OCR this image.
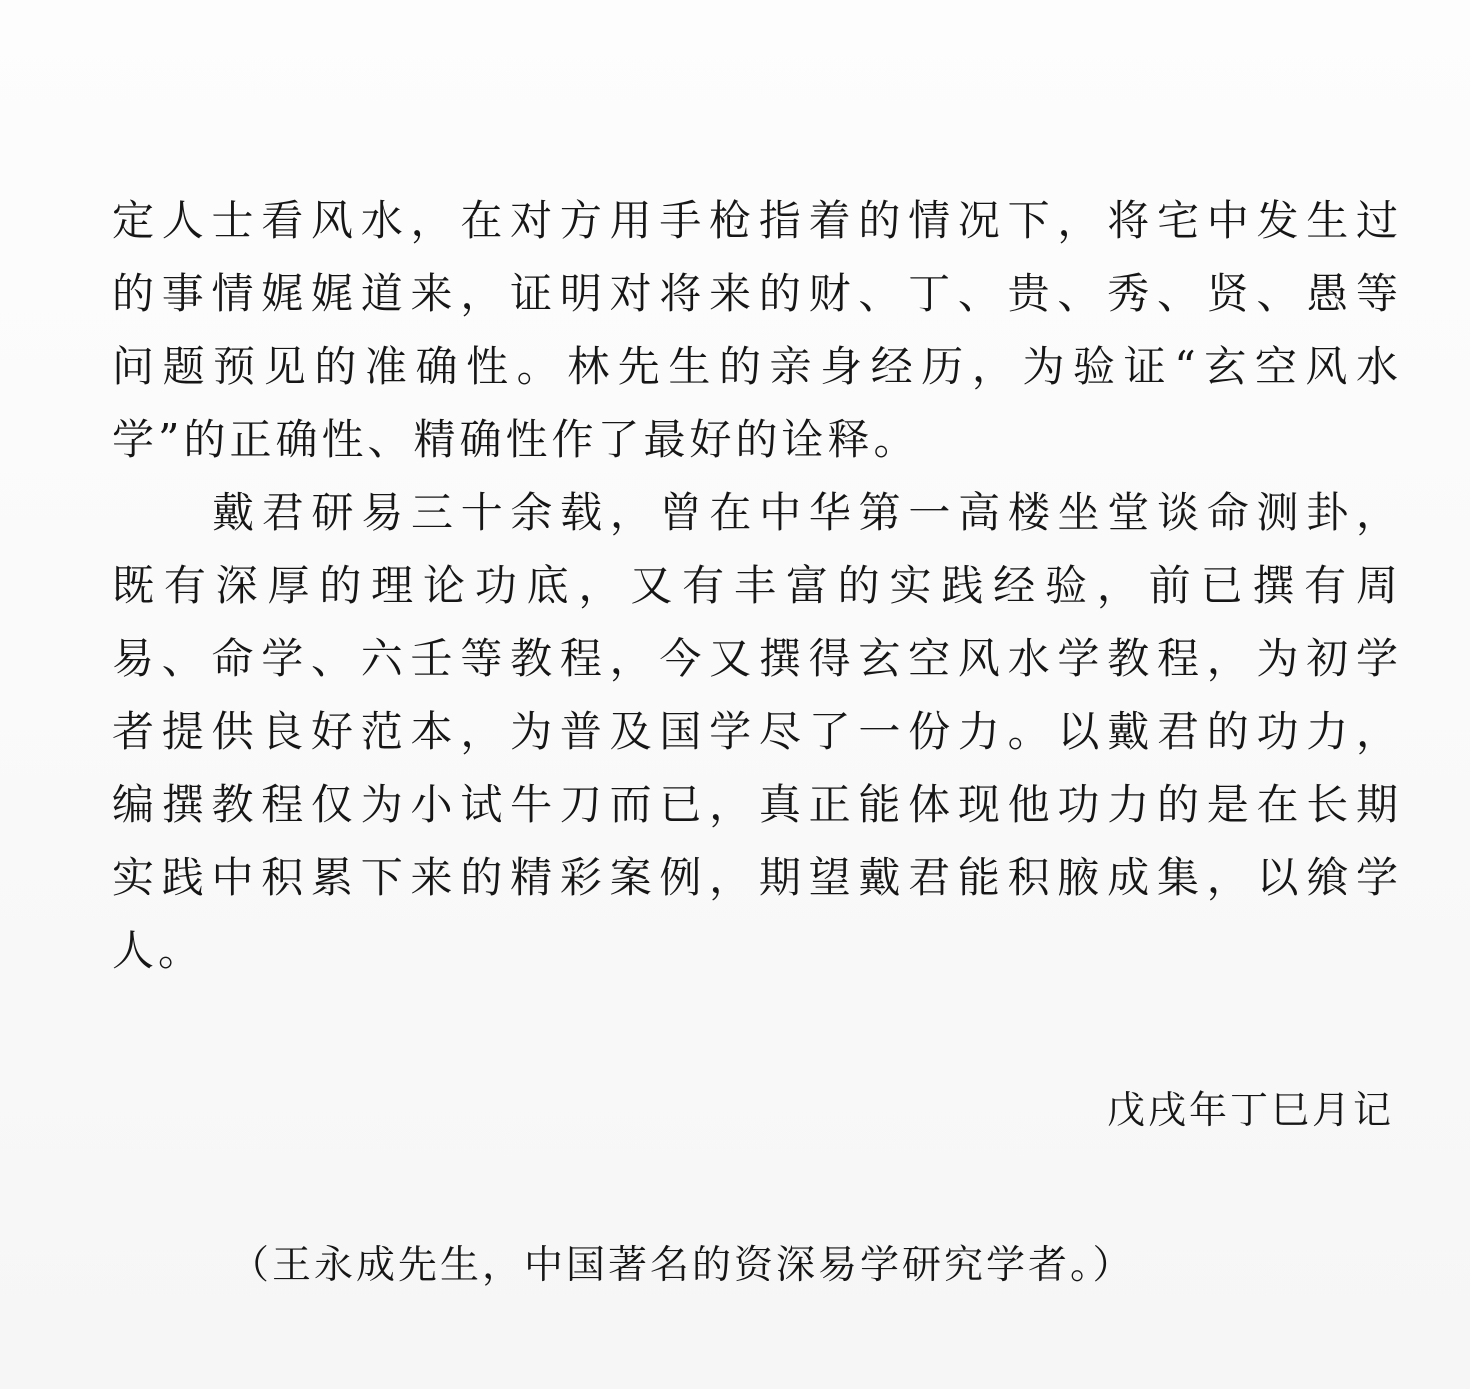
定人士看风水，在对方用手枪指着的情况下，将宅中发生过
的事情娓娓道来，证明对将来的财、丁、贵、秀、贤、愚等
问题预见的准确性。林先生的亲身经历，为验证“玄空风水
学”的正确性、精确性作了最好的诠释。
戴君研易三十余载，曾在中华第一高楼坐堂谈命测卦，
既有深厚的理论功底，又有丰富的实践经验，前已撰有周
易、命学、六壬等教程，今又撰得玄空风水学教程，为初学
者提供良好范本，为普及国学尽了一份力。以戴君的功力，
编撰教程仅为小试牛刀而已，真正能体现他功力的是在长期
实践中积累下来的精彩案例，期望戴君能积腋成集，以飨学
人。
戊戌年丁巳月记
（王永成先生，中国著名的资深易学研究学者。）
